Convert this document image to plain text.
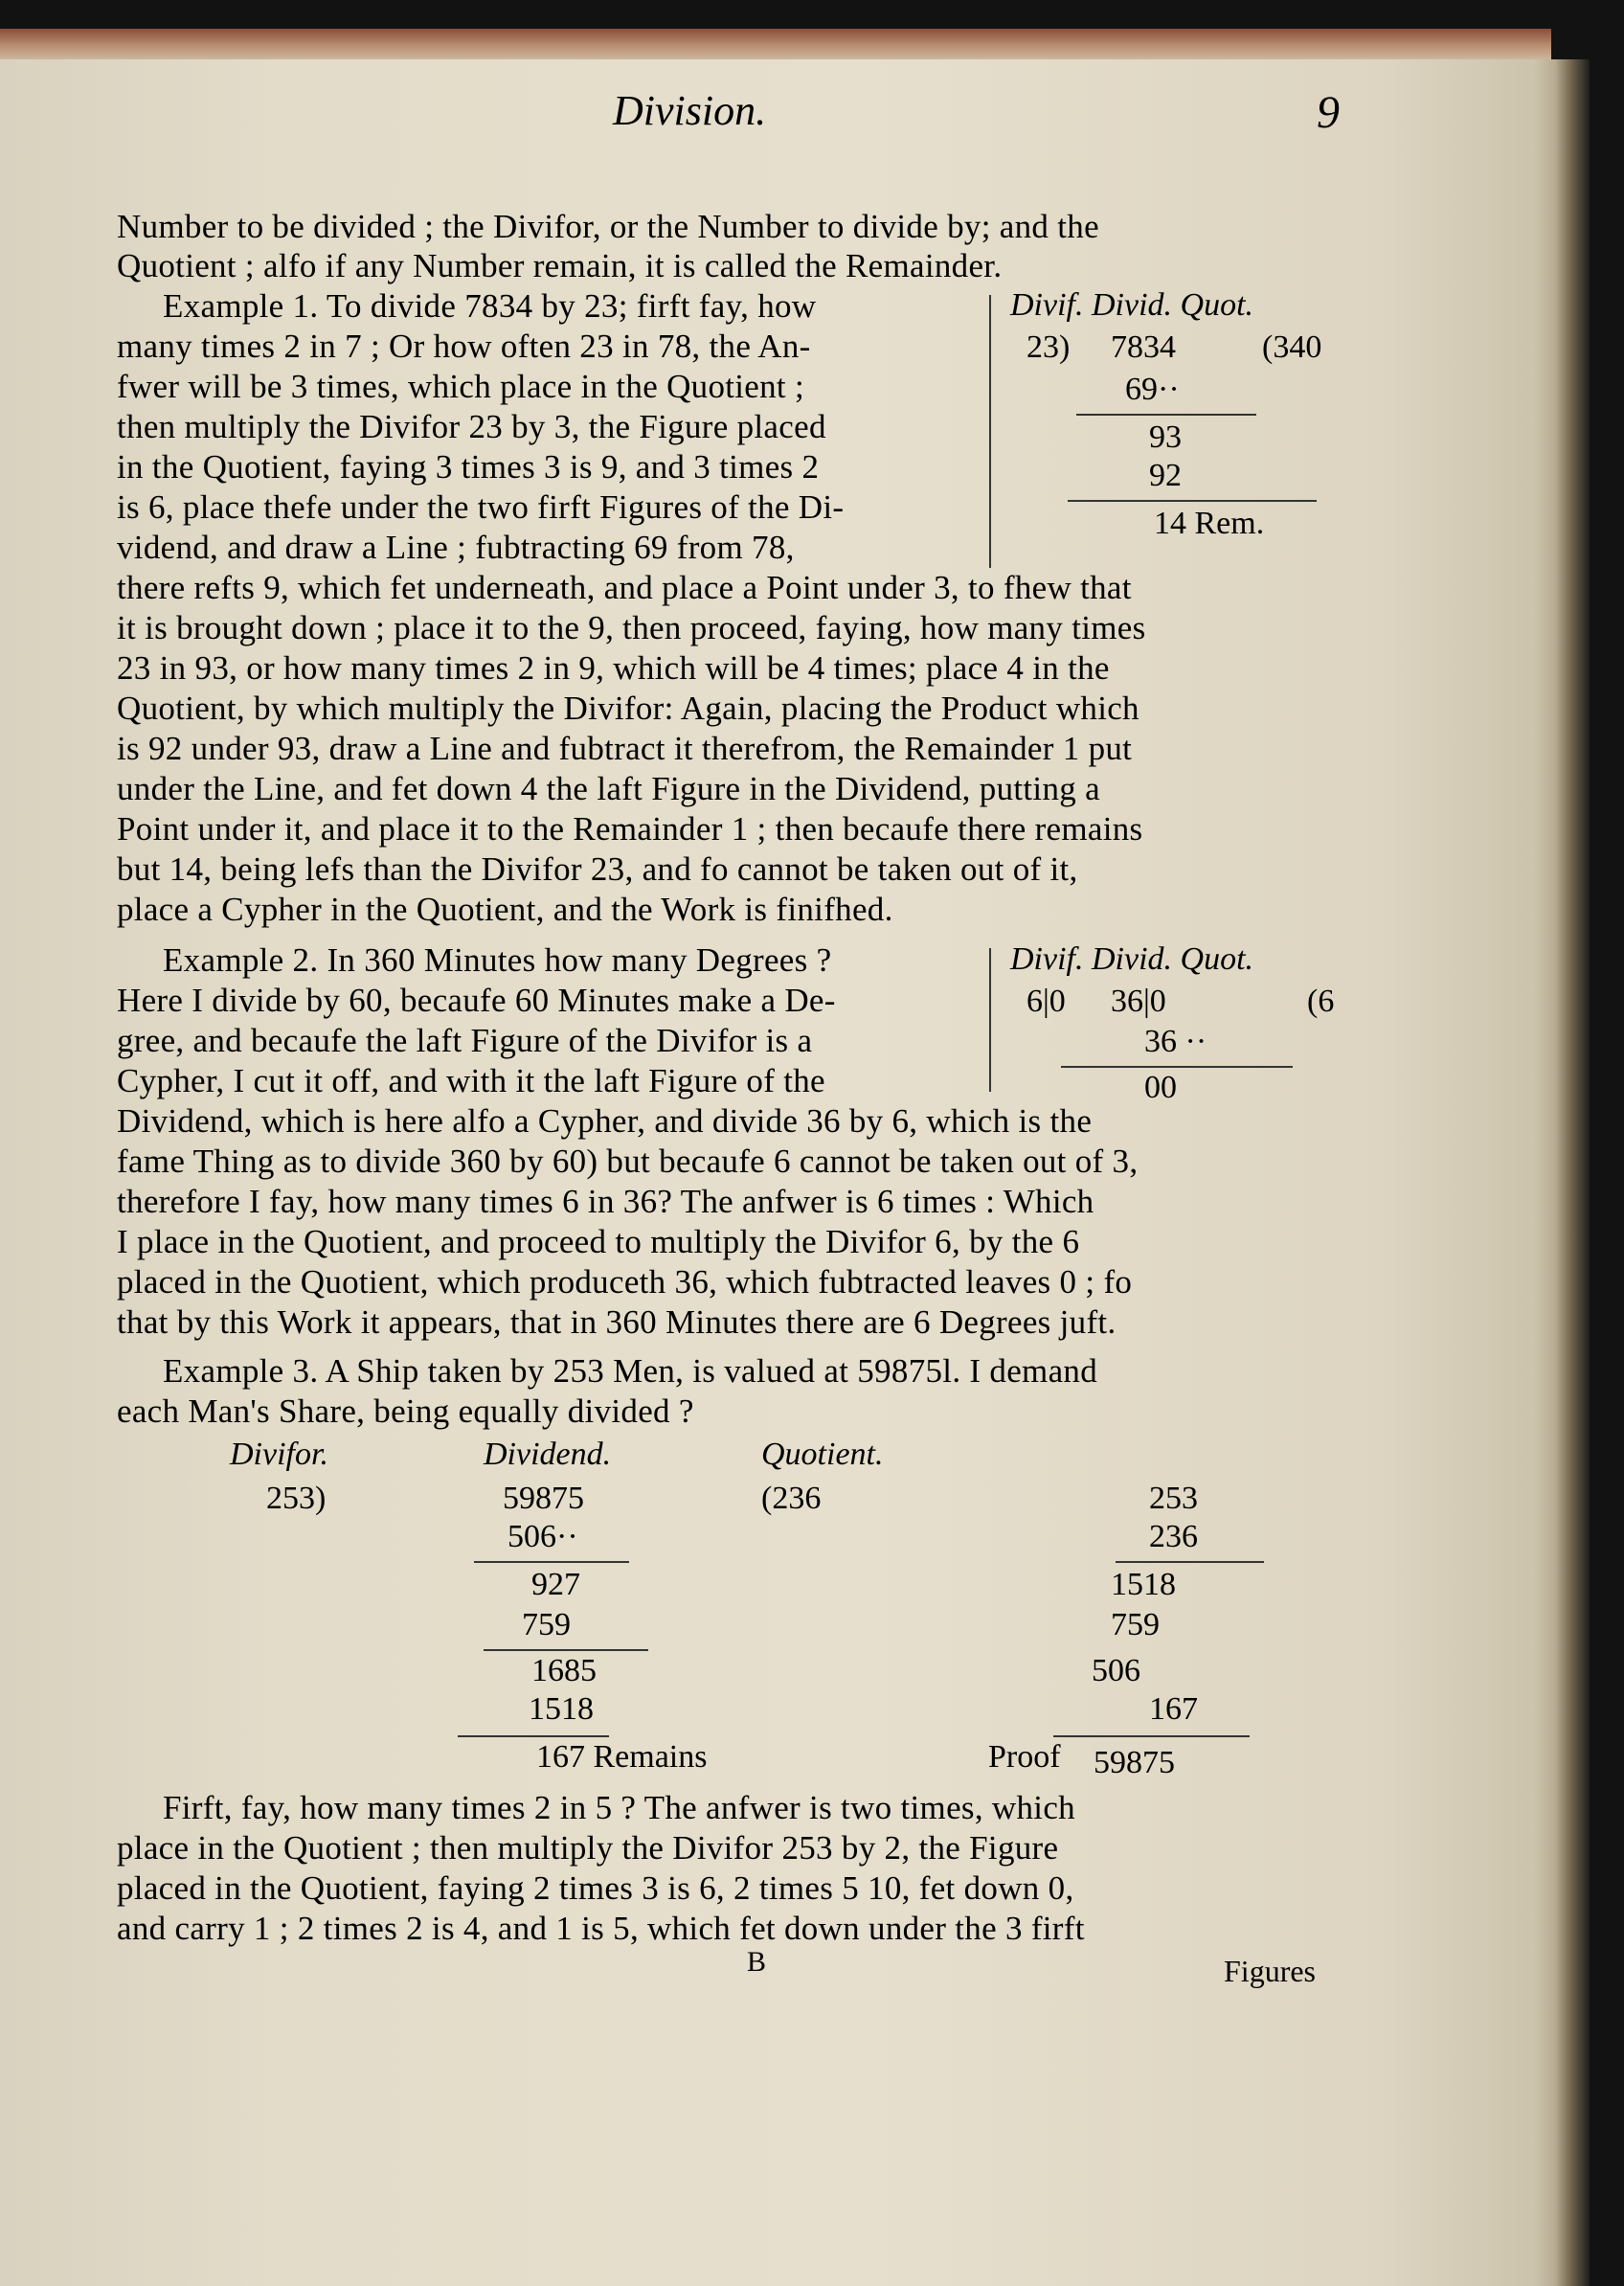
Division.	9
Number to be divided ; the Divifor, or the Number to divide by; and the
Quotient ; alfo if any Number remain, it is called the Remainder.
Example 1. To divide 7834 by 23; firft fay, how
many times 2 in 7 ; Or how often 23 in 78, the An-
fwer will be 3 times, which place in the Quotient ;
then multiply the Divifor 23 by 3, the Figure placed
in the Quotient, faying 3 times 3 is 9, and 3 times 2
is 6, place thefe under the two firft Figures of the Di-
vidend, and draw a Line ; fubtracting 69 from 78,
Divif. Divid. Quot.
23) 7834	(340
69··
93
92
14 Rem.
there refts 9, which fet underneath, and place a Point under 3, to fhew that
it is brought down ; place it to the 9, then proceed, faying, how many times
23 in 93, or how many times 2 in 9, which will be 4 times; place 4 in the
Quotient, by which multiply the Divifor: Again, placing the Product which
is 92 under 93, draw a Line and fubtract it therefrom, the Remainder 1 put
under the Line, and fet down 4 the laft Figure in the Dividend, putting a
Point under it, and place it to the Remainder 1 ; then becaufe there remains
but 14, being lefs than the Divifor 23, and fo cannot be taken out of it,
place a Cypher in the Quotient, and the Work is finifhed.
Example 2. In 360 Minutes how many Degrees ?
Here I divide by 60, becaufe 60 Minutes make a De-
gree, and becaufe the laft Figure of the Divifor is a
Cypher, I cut it off, and with it the laft Figure of the
Divif. Divid. Quot.
6|0 36|0	(6
36 ··
00
Dividend, which is here alfo a Cypher, and divide 36 by 6, which is the
fame Thing as to divide 360 by 60) but becaufe 6 cannot be taken out of 3,
therefore I fay, how many times 6 in 36? The anfwer is 6 times : Which
I place in the Quotient, and proceed to multiply the Divifor 6, by the 6
placed in the Quotient, which produceth 36, which fubtracted leaves 0 ; fo
that by this Work it appears, that in 360 Minutes there are 6 Degrees juft.
Example 3. A Ship taken by 253 Men, is valued at 59875l. I demand
each Man's Share, being equally divided ?
Divifor.	Dividend.	Quotient.
253)	59875	(236
506··
927
759
1685
1518
167 Remains
253
236
1518
759
506
167
Proof 59875
Firft, fay, how many times 2 in 5 ? The anfwer is two times, which
place in the Quotient ; then multiply the Divifor 253 by 2, the Figure
placed in the Quotient, faying 2 times 3 is 6, 2 times 5 10, fet down 0,
and carry 1 ; 2 times 2 is 4, and 1 is 5, which fet down under the 3 firft
B	Figures
